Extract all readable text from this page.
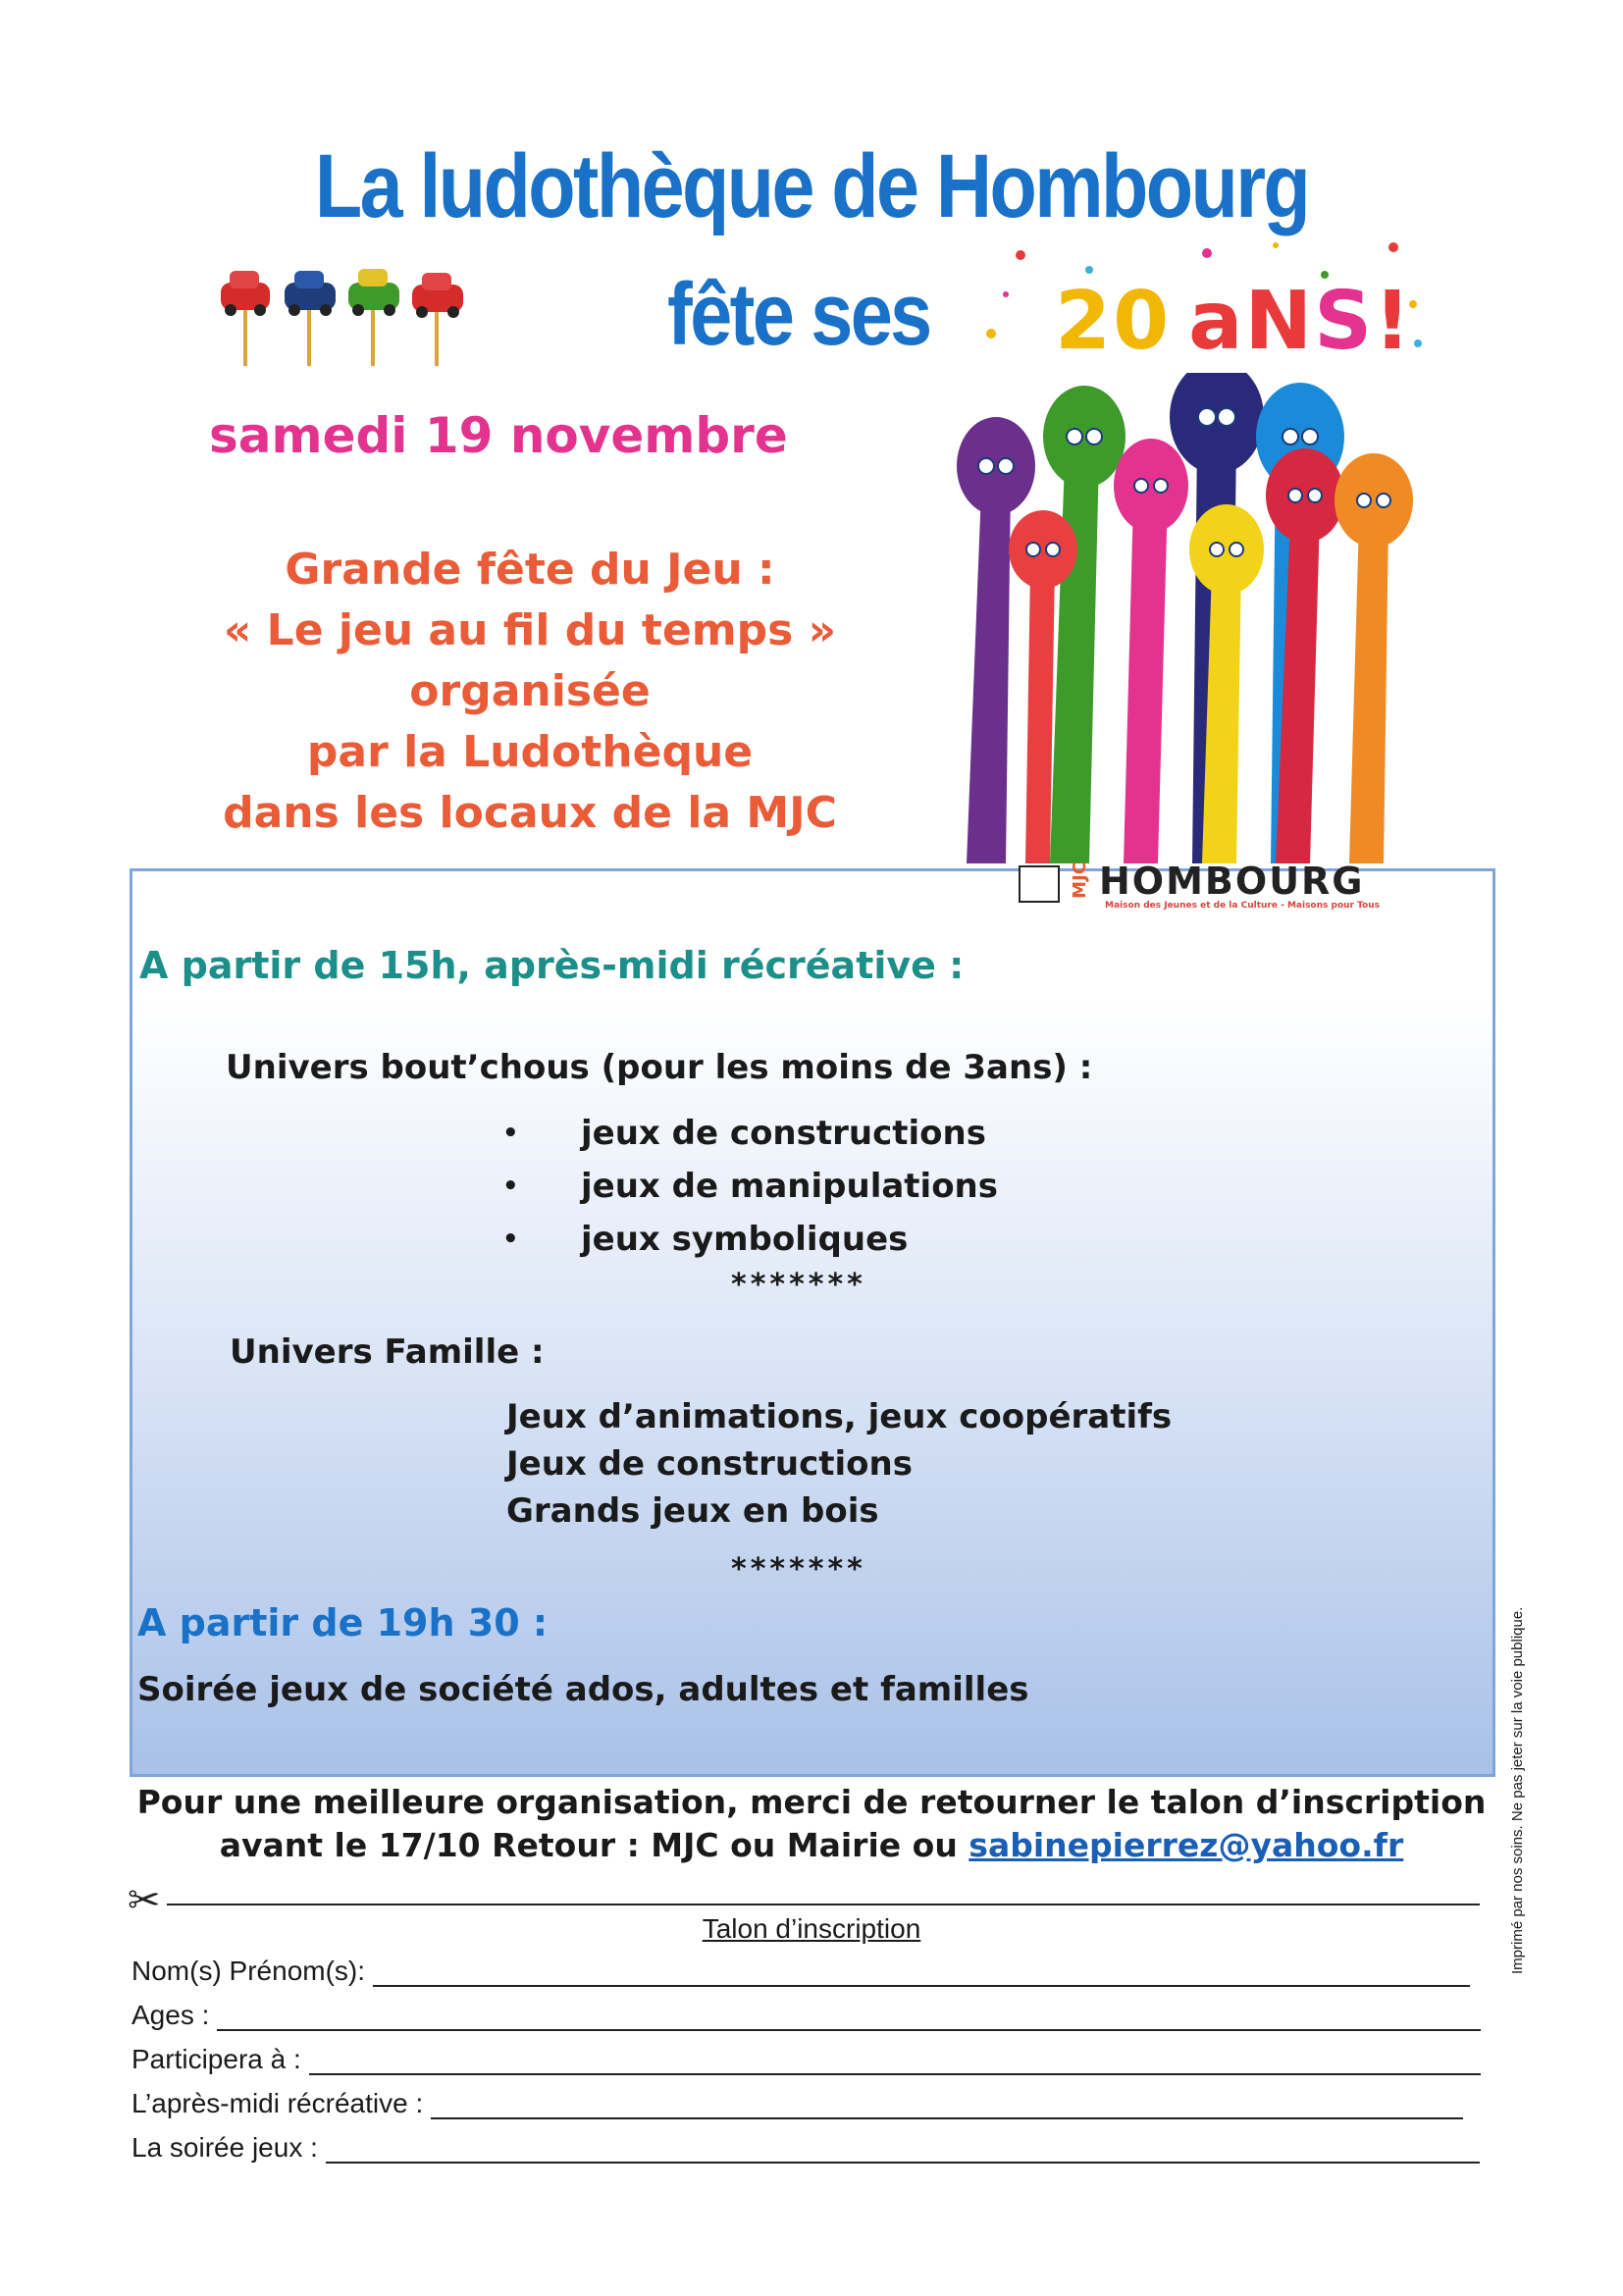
La ludothèque de Hombourg
fête ses 20 aNS!
samedi 19 novembre
Grande fête du Jeu :
« Le jeu au fil du temps »
organisée
par la Ludothèque
dans les locaux de la MJC
MJC HOMBOURG
Maison des Jeunes et de la Culture - Maisons pour Tous
A partir de 15h, après-midi récréative :
Univers bout’chous (pour les moins de 3ans) :
• jeux de constructions
• jeux de manipulations
• jeux symboliques
*******
Univers Famille :
Jeux d’animations, jeux coopératifs
Jeux de constructions
Grands jeux en bois
*******
A partir de 19h 30 :
Soirée jeux de société ados, adultes et familles
Pour une meilleure organisation, merci de retourner le talon d’inscription
avant le 17/10 Retour : MJC ou Mairie ou sabinepierrez@yahoo.fr
✂
Talon d’inscription
Nom(s) Prénom(s):
Ages :
Participera à :
L’après-midi récréative :
La soirée jeux :
Imprimé par nos soins. Ne pas jeter sur la voie publique.
